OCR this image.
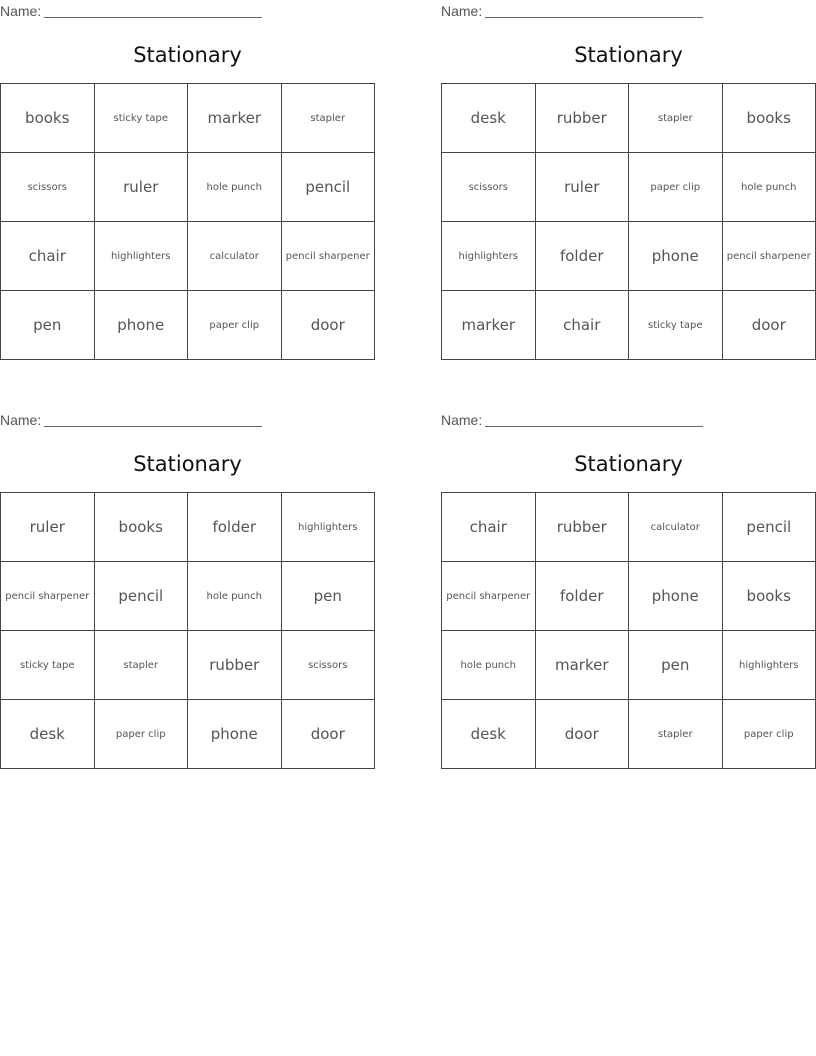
Name:
Stationary
books	sticky tape	marker	stapler
scissors	ruler	hole punch	pencil
chair	highlighters	calculator	pencil sharpener
pen	phone	paper clip	door
Name:
Stationary
desk	rubber	stapler	books
scissors	ruler	paper clip	hole punch
highlighters	folder	phone	pencil sharpener
marker	chair	sticky tape	door
Name:
Stationary
ruler	books	folder	highlighters
pencil sharpener	pencil	hole punch	pen
sticky tape	stapler	rubber	scissors
desk	paper clip	phone	door
Name:
Stationary
chair	rubber	calculator	pencil
pencil sharpener	folder	phone	books
hole punch	marker	pen	highlighters
desk	door	stapler	paper clip
